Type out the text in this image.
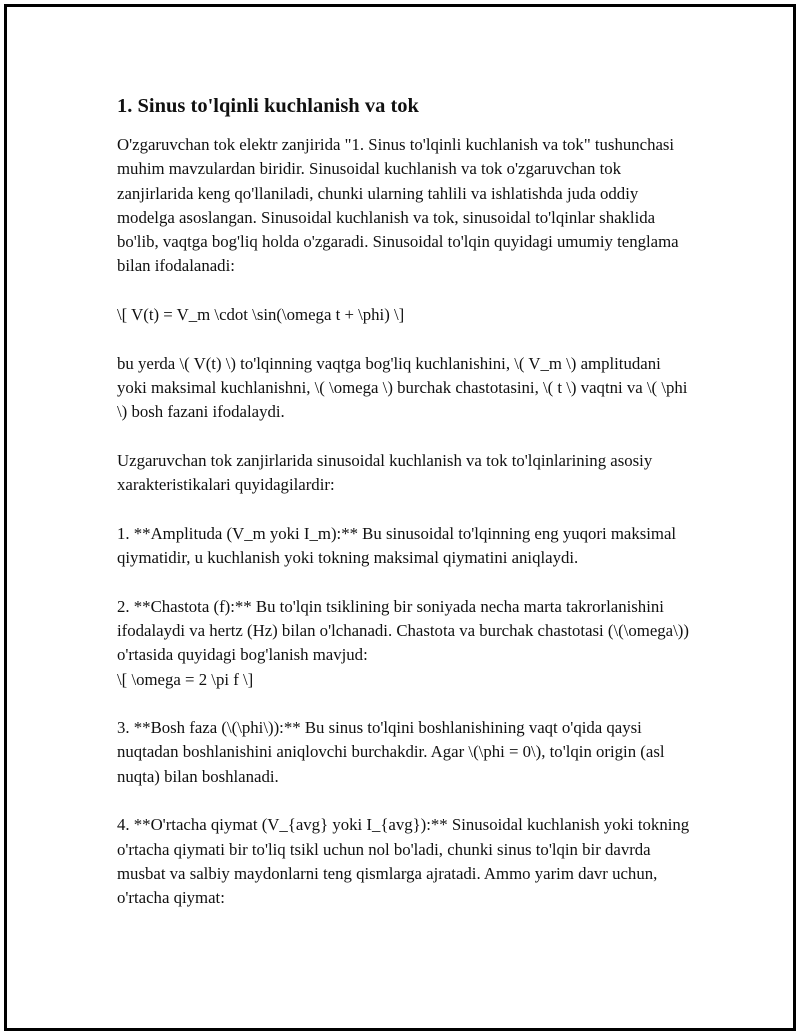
1. Sinus to'lqinli kuchlanish va tok

O'zgaruvchan tok elektr zanjirida "1. Sinus to'lqinli kuchlanish va tok" tushunchasi muhim mavzulardan biridir. Sinusoidal kuchlanish va tok o'zgaruvchan tok zanjirlarida keng qo'llaniladi, chunki ularning tahlili va ishlatishda juda oddiy modelga asoslangan. Sinusoidal kuchlanish va tok, sinusoidal to'lqinlar shaklida bo'lib, vaqtga bog'liq holda o'zgaradi. Sinusoidal to'lqin quyidagi umumiy tenglama bilan ifodalanadi:

\[ V(t) = V_m \cdot \sin(\omega t + \phi) \]

bu yerda \( V(t) \) to'lqinning vaqtga bog'liq kuchlanishini, \( V_m \) amplitudani yoki maksimal kuchlanishni, \( \omega \) burchak chastotasini, \( t \) vaqtni va \( \phi \) bosh fazani ifodalaydi.

Uzgaruvchan tok zanjirlarida sinusoidal kuchlanish va tok to'lqinlarining asosiy xarakteristikalari quyidagilardir:

1. **Amplituda (V_m yoki I_m):** Bu sinusoidal to'lqinning eng yuqori maksimal qiymatidir, u kuchlanish yoki tokning maksimal qiymatini aniqlaydi.

2. **Chastota (f):** Bu to'lqin tsiklining bir soniyada necha marta takrorlanishini ifodalaydi va hertz (Hz) bilan o'lchanadi. Chastota va burchak chastotasi (\(\omega\)) o'rtasida quyidagi bog'lanish mavjud:
\[ \omega = 2 \pi f \]

3. **Bosh faza (\(\phi\)):** Bu sinus to'lqini boshlanishining vaqt o'qida qaysi nuqtadan boshlanishini aniqlovchi burchakdir. Agar \(\phi = 0\), to'lqin origin (asl nuqta) bilan boshlanadi.

4. **O'rtacha qiymat (V_{avg} yoki I_{avg}):** Sinusoidal kuchlanish yoki tokning o'rtacha qiymati bir to'liq tsikl uchun nol bo'ladi, chunki sinus to'lqin bir davrda musbat va salbiy maydonlarni teng qismlarga ajratadi. Ammo yarim davr uchun, o'rtacha qiymat:
